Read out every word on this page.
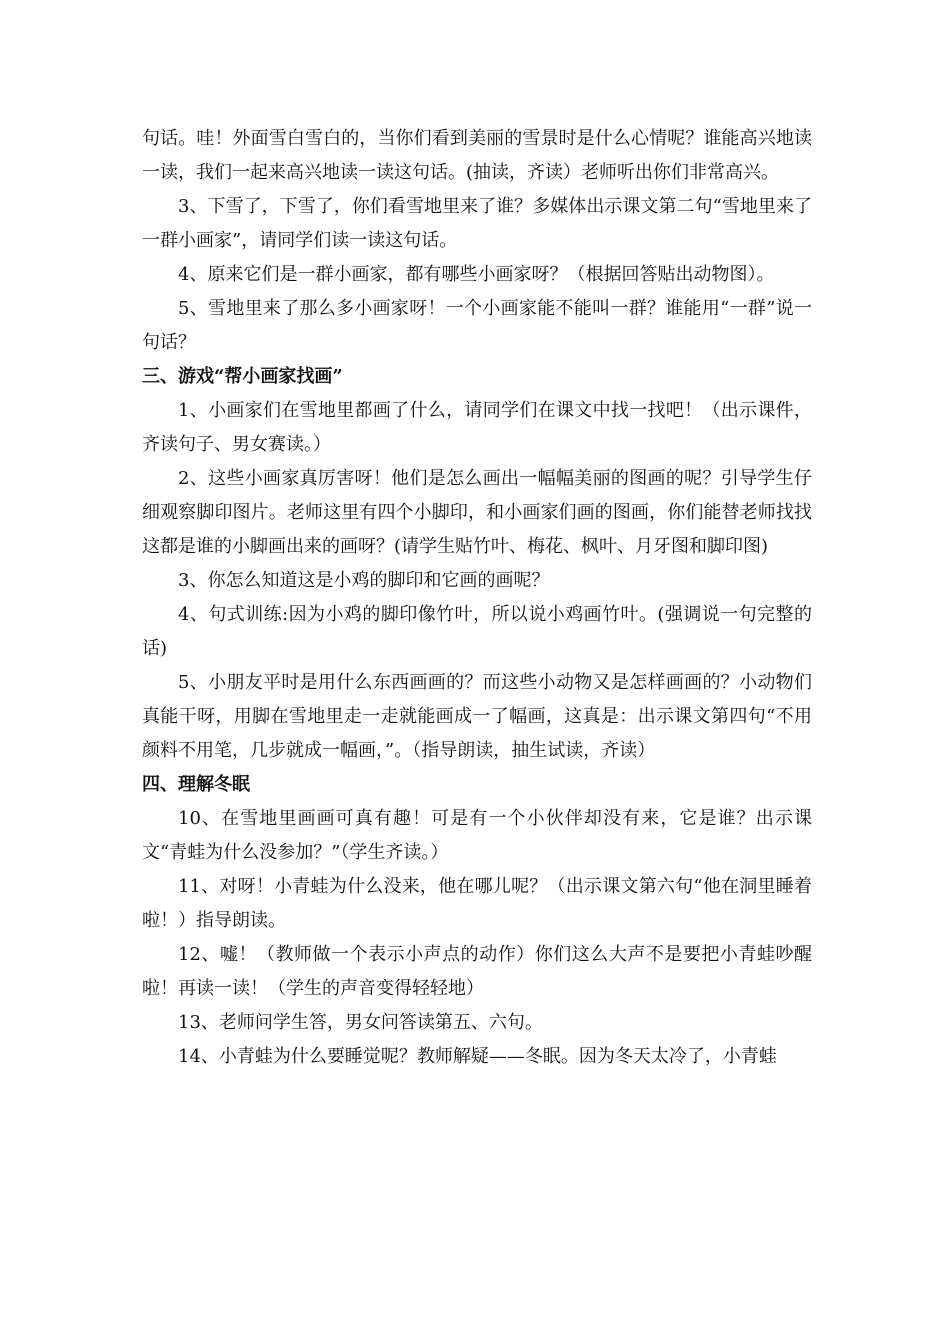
句话。哇！外面雪白雪白的，当你们看到美丽的雪景时是什么心情呢？谁能高兴地读一读，我们一起来高兴地读一读这句话。(抽读，齐读）老师听出你们非常高兴。

3、下雪了，下雪了，你们看雪地里来了谁？多媒体出示课文第二句“雪地里来了一群小画家”，请同学们读一读这句话。

4、原来它们是一群小画家，都有哪些小画家呀？（根据回答贴出动物图）。

5、雪地里来了那么多小画家呀！一个小画家能不能叫一群？谁能用“一群”说一句话？

三、游戏“帮小画家找画”

1、小画家们在雪地里都画了什么，请同学们在课文中找一找吧！（出示课件，齐读句子、男女赛读。）

2、这些小画家真厉害呀！他们是怎么画出一幅幅美丽的图画的呢？引导学生仔细观察脚印图片。老师这里有四个小脚印，和小画家们画的图画，你们能替老师找找这都是谁的小脚画出来的画呀？(请学生贴竹叶、梅花、枫叶、月牙图和脚印图)

3、你怎么知道这是小鸡的脚印和它画的画呢？

4、句式训练:因为小鸡的脚印像竹叶，所以说小鸡画竹叶。(强调说一句完整的话)

5、小朋友平时是用什么东西画画的？而这些小动物又是怎样画画的？小动物们真能干呀，用脚在雪地里走一走就能画成一了幅画，这真是：出示课文第四句“不用颜料不用笔，几步就成一幅画，”。（指导朗读，抽生试读，齐读）

四、理解冬眠

10、在雪地里画画可真有趣！可是有一个小伙伴却没有来，它是谁？出示课文“青蛙为什么没参加？”（学生齐读。）

11、对呀！小青蛙为什么没来，他在哪儿呢？（出示课文第六句“他在洞里睡着啦！）指导朗读。

12、嘘！（教师做一个表示小声点的动作）你们这么大声不是要把小青蛙吵醒啦！再读一读！（学生的声音变得轻轻地）

13、老师问学生答，男女问答读第五、六句。

14、小青蛙为什么要睡觉呢？教师解疑——冬眠。因为冬天太冷了，小青蛙
